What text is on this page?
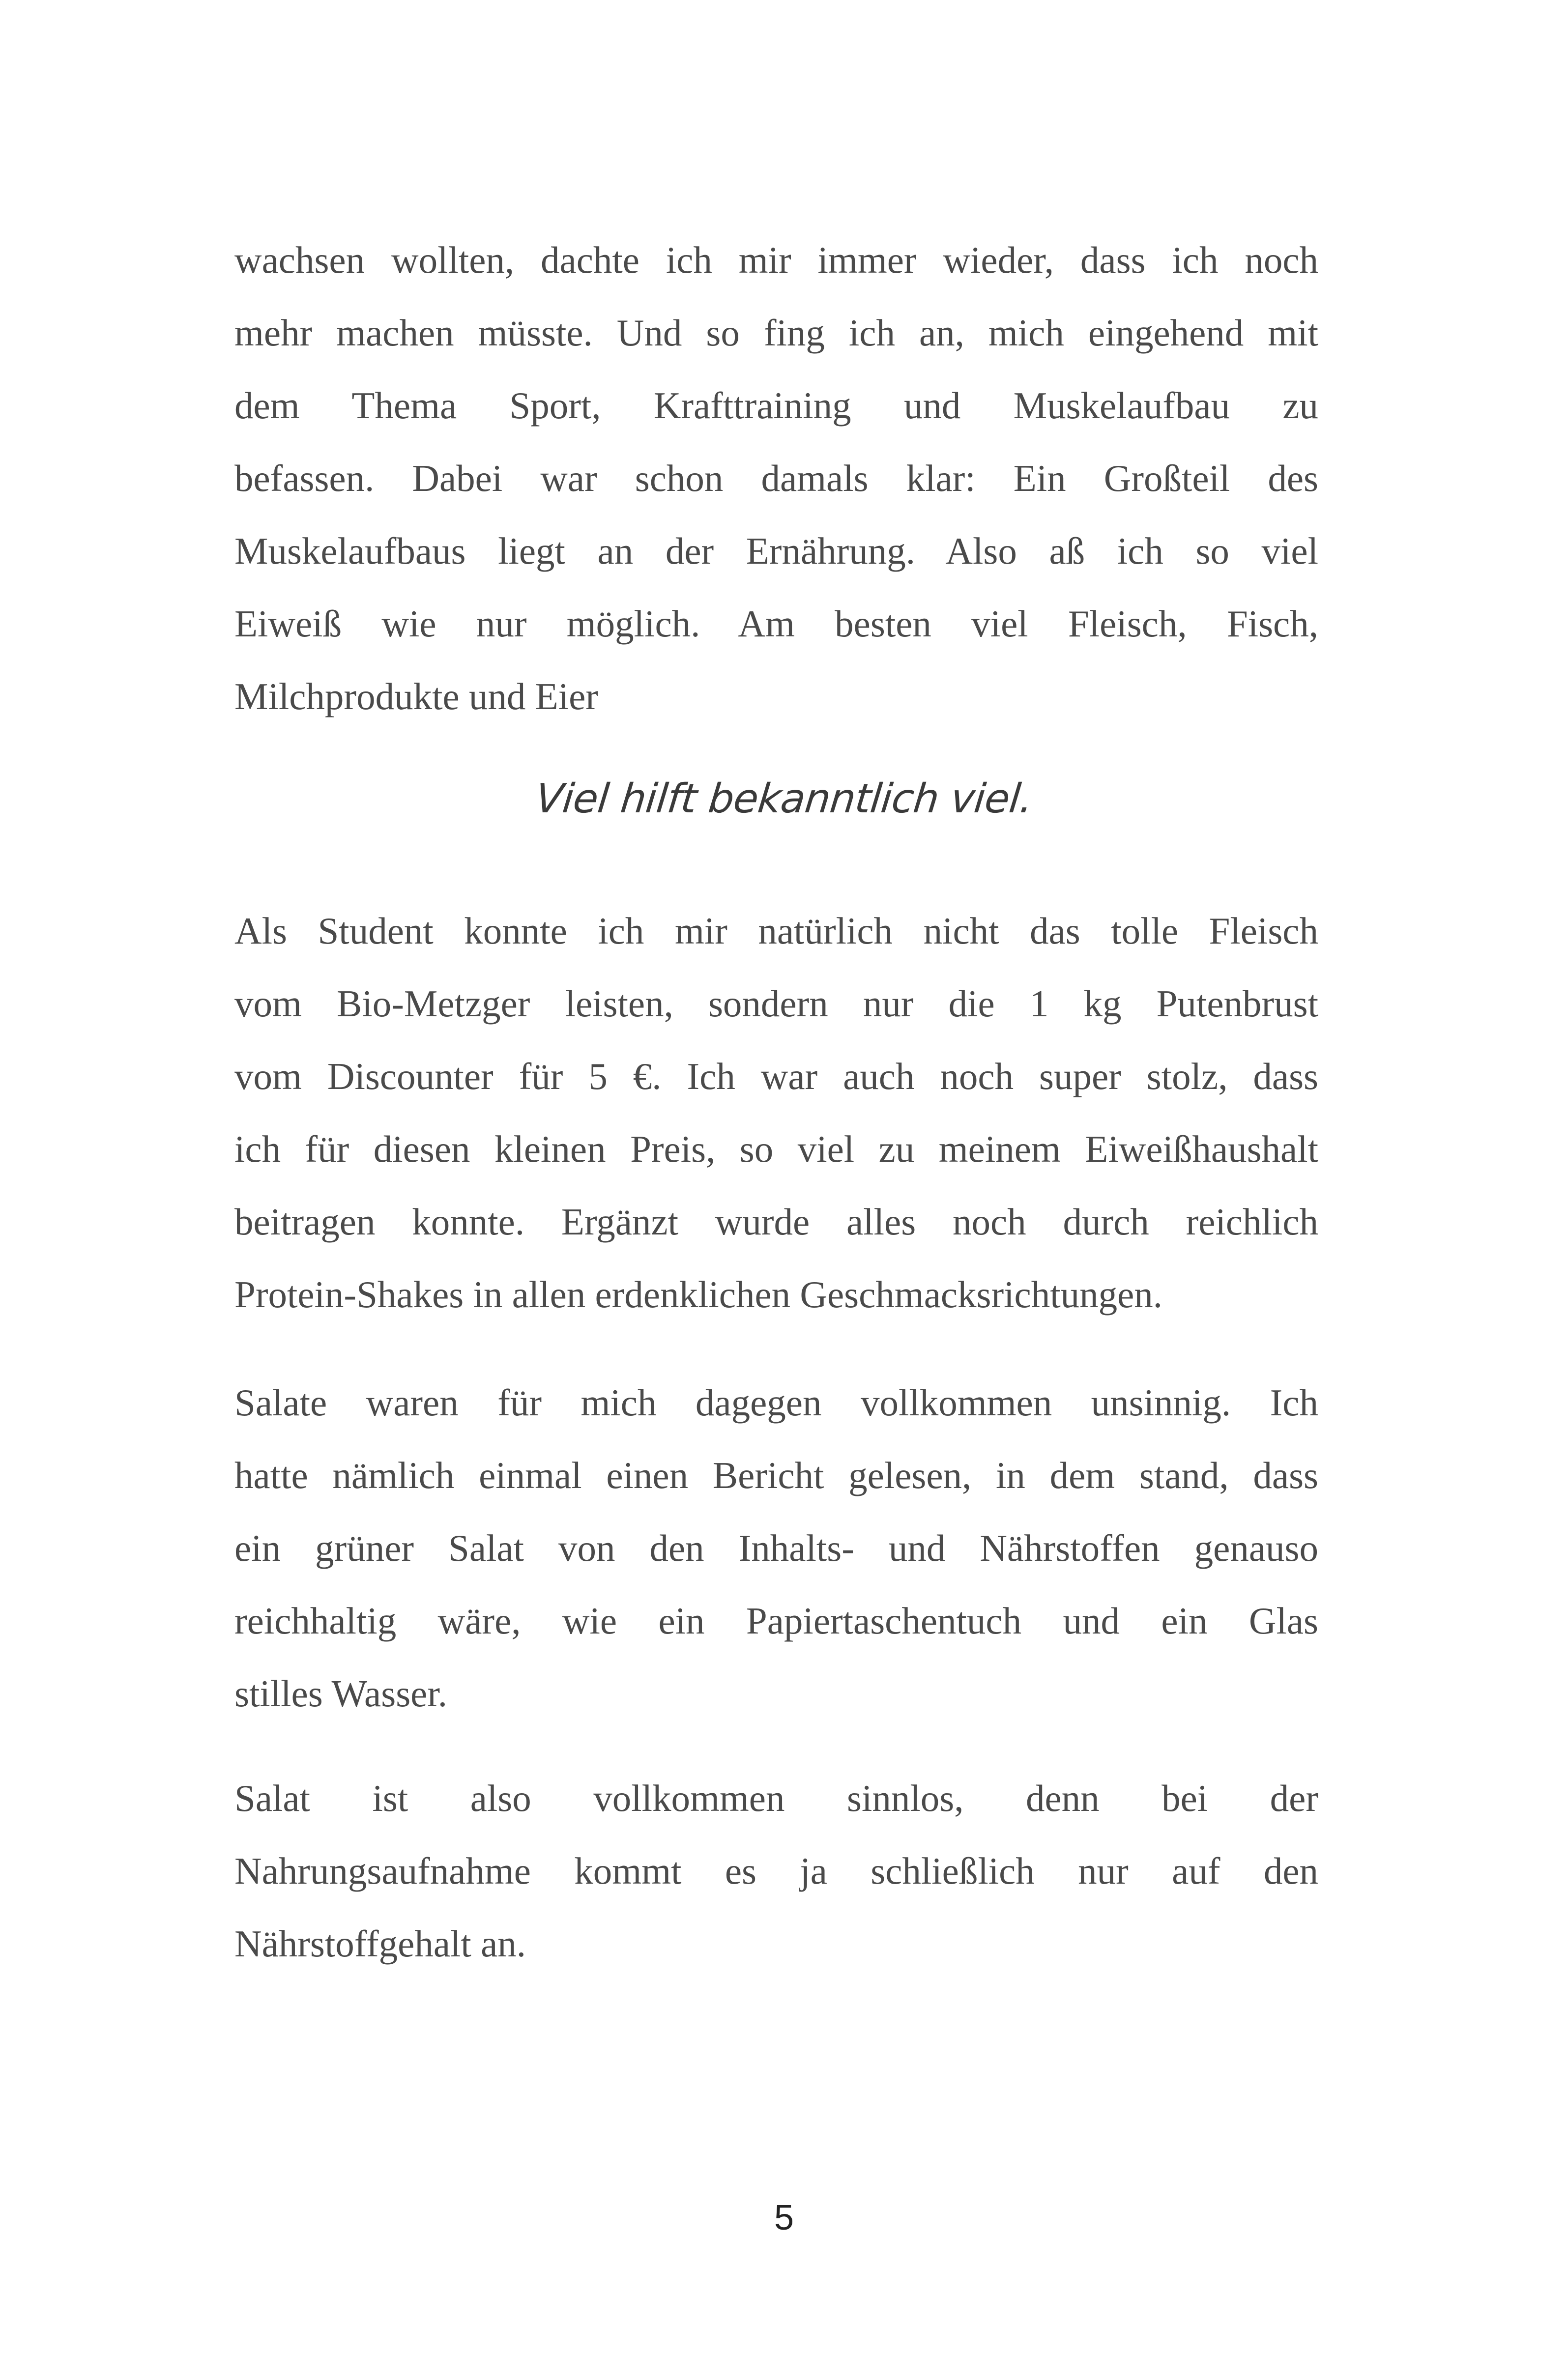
wachsen wollten, dachte ich mir immer wieder, dass ich noch
mehr machen müsste. Und so fing ich an, mich eingehend mit
dem Thema Sport, Krafttraining und Muskelaufbau zu
befassen. Dabei war schon damals klar: Ein Großteil des
Muskelaufbaus liegt an der Ernährung. Also aß ich so viel
Eiweiß wie nur möglich. Am besten viel Fleisch, Fisch,
Milchprodukte und Eier
Viel hilft bekanntlich viel.
Als Student konnte ich mir natürlich nicht das tolle Fleisch
vom Bio-Metzger leisten, sondern nur die 1 kg Putenbrust
vom Discounter für 5 €. Ich war auch noch super stolz, dass
ich für diesen kleinen Preis, so viel zu meinem Eiweißhaushalt
beitragen konnte. Ergänzt wurde alles noch durch reichlich
Protein-Shakes in allen erdenklichen Geschmacksrichtungen.
Salate waren für mich dagegen vollkommen unsinnig. Ich
hatte nämlich einmal einen Bericht gelesen, in dem stand, dass
ein grüner Salat von den Inhalts- und Nährstoffen genauso
reichhaltig wäre, wie ein Papiertaschentuch und ein Glas
stilles Wasser.
Salat ist also vollkommen sinnlos, denn bei der
Nahrungsaufnahme kommt es ja schließlich nur auf den
Nährstoffgehalt an.
5
